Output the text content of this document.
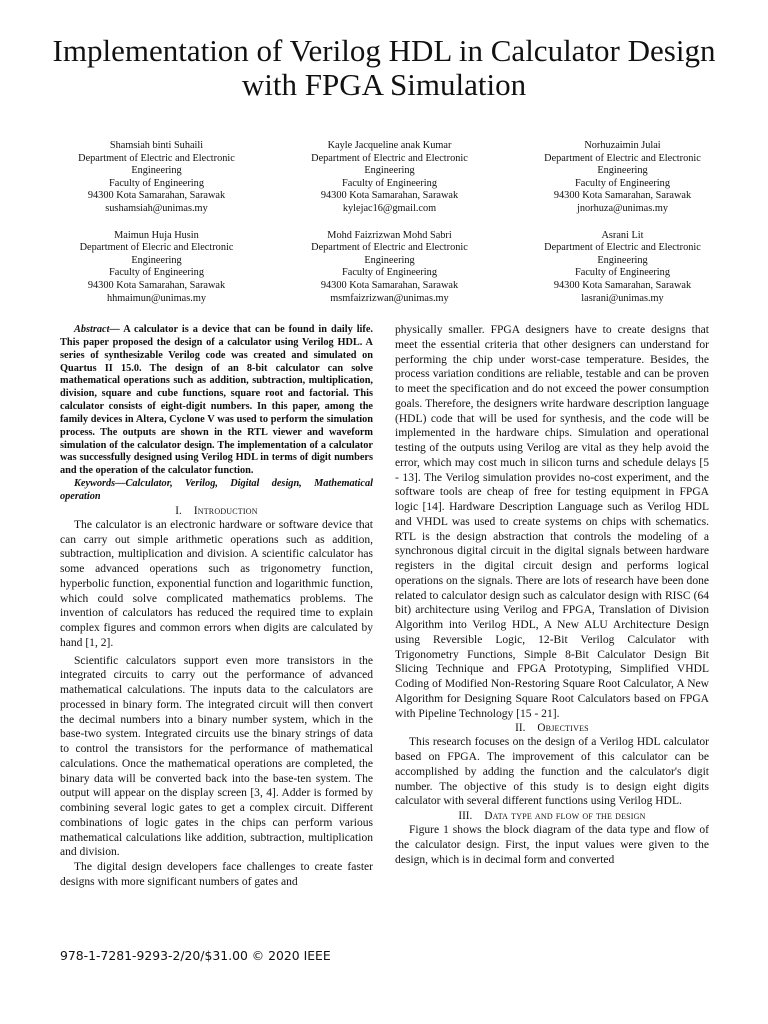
Implementation of Verilog HDL in Calculator Design with FPGA Simulation
Shamsiah binti Suhaili
Department of Electric and Electronic
Engineering
Faculty of Engineering
94300 Kota Samarahan, Sarawak
sushamsiah@unimas.my
Kayle Jacqueline anak Kumar
Department of Electric and Electronic
Engineering
Faculty of Engineering
94300 Kota Samarahan, Sarawak
kylejac16@gmail.com
Norhuzaimin Julai
Department of Electric and Electronic
Engineering
Faculty of Engineering
94300 Kota Samarahan, Sarawak
jnorhuza@unimas.my
Maimun Huja Husin
Department of Elecric and Electronic
Engineering
Faculty of Engineering
94300 Kota Samarahan, Sarawak
hhmaimun@unimas.my
Mohd Faizrizwan Mohd Sabri
Department of Electric and Electronic
Engineering
Faculty of Engineering
94300 Kota Samarahan, Sarawak
msmfaizrizwan@unimas.my
Asrani Lit
Department of Electric and Electronic
Engineering
Faculty of Engineering
94300 Kota Samarahan, Sarawak
lasrani@unimas.my

Abstract— A calculator is a device that can be found in daily life. This paper proposed the design of a calculator using Verilog HDL. A series of synthesizable Verilog code was created and simulated on Quartus II 15.0. The design of an 8-bit calculator can solve mathematical operations such as addition, subtraction, multiplication, division, square and cube functions, square root and factorial. This calculator consists of eight-digit numbers. In this paper, among the family devices in Altera, Cyclone V was used to perform the simulation process. The outputs are shown in the RTL viewer and waveform simulation of the calculator design. The implementation of a calculator was successfully designed using Verilog HDL in terms of digit numbers and the operation of the calculator function.

Keywords—Calculator, Verilog, Digital design, Mathematical operation

I. Introduction

The calculator is an electronic hardware or software device that can carry out simple arithmetic operations such as addition, subtraction, multiplication and division. A scientific calculator has some advanced operations such as trigonometry function, hyperbolic function, exponential function and logarithmic function, which could solve complicated mathematics problems. The invention of calculators has reduced the required time to explain complex figures and common errors when digits are calculated by hand [1, 2].

Scientific calculators support even more transistors in the integrated circuits to carry out the performance of advanced mathematical calculations. The inputs data to the calculators are processed in binary form. The integrated circuit will then convert the decimal numbers into a binary number system, which in the base-two system. Integrated circuits use the binary strings of data to control the transistors for the performance of mathematical calculations. Once the mathematical operations are completed, the binary data will be converted back into the base-ten system. The output will appear on the display screen [3, 4]. Adder is formed by combining several logic gates to get a complex circuit. Different combinations of logic gates in the chips can perform various mathematical calculations like addition, subtraction, multiplication and division.

The digital design developers face challenges to create faster designs with more significant numbers of gates and

physically smaller. FPGA designers have to create designs that meet the essential criteria that other designers can understand for performing the chip under worst-case temperature. Besides, the process variation conditions are reliable, testable and can be proven to meet the specification and do not exceed the power consumption goals. Therefore, the designers write hardware description language (HDL) code that will be used for synthesis, and the code will be implemented in the hardware chips. Simulation and operational testing of the outputs using Verilog are vital as they help avoid the error, which may cost much in silicon turns and schedule delays [5 - 13]. The Verilog simulation provides no-cost experiment, and the software tools are cheap of free for testing equipment in FPGA logic [14]. Hardware Description Language such as Verilog HDL and VHDL was used to create systems on chips with schematics. RTL is the design abstraction that controls the modeling of a synchronous digital circuit in the digital signals between hardware registers in the digital circuit design and performs logical operations on the signals. There are lots of research have been done related to calculator design such as calculator design with RISC (64 bit) architecture using Verilog and FPGA, Translation of Division Algorithm into Verilog HDL, A New ALU Architecture Design using Reversible Logic, 12-Bit Verilog Calculator with Trigonometry Functions, Simple 8-Bit Calculator Design Bit Slicing Technique and FPGA Prototyping, Simplified VHDL Coding of Modified Non-Restoring Square Root Calculator, A New Algorithm for Designing Square Root Calculators based on FPGA with Pipeline Technology [15 - 21].

II. Objectives

This research focuses on the design of a Verilog HDL calculator based on FPGA. The improvement of this calculator can be accomplished by adding the function and the calculator's digit number. The objective of this study is to design eight digits calculator with several different functions using Verilog HDL.

III. Data type and flow of the design

Figure 1 shows the block diagram of the data type and flow of the calculator design. First, the input values were given to the design, which is in decimal form and converted

978-1-7281-9293-2/20/$31.00 © 2020 IEEE
